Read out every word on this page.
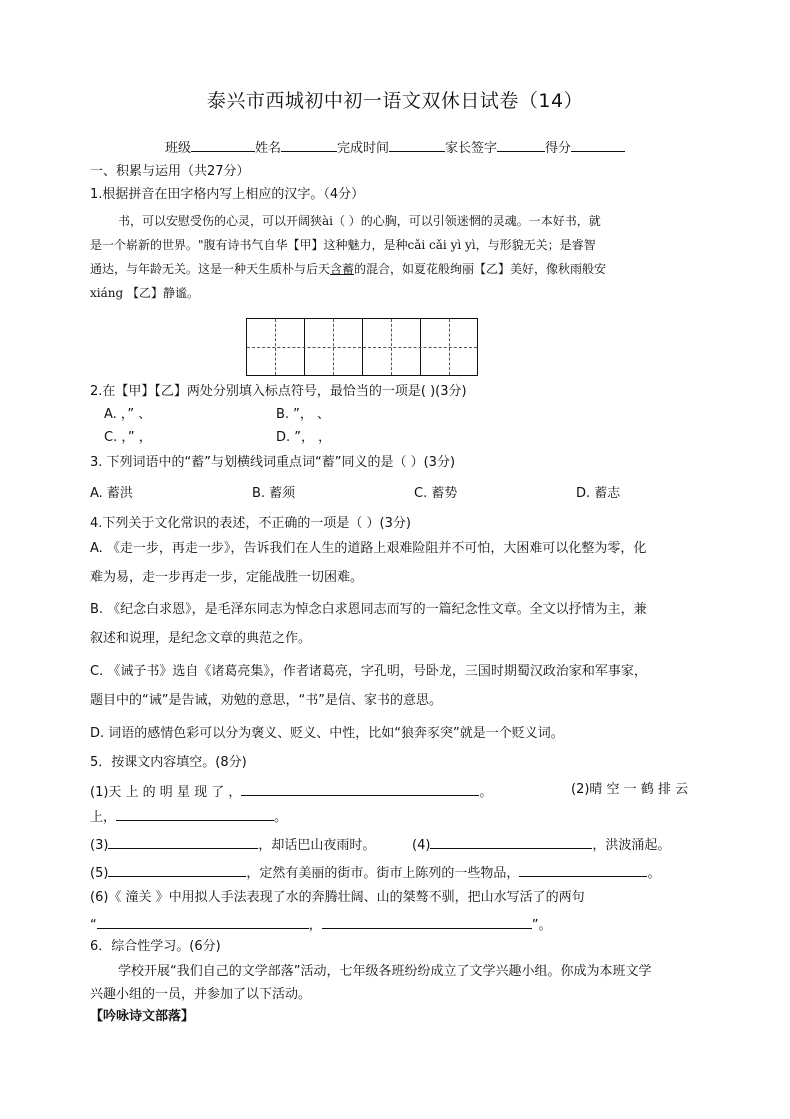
泰兴市西城初中初一语文双休日试卷（14）
班级	姓名	完成时间	家长签字	得分
一、积累与运用（共27分）
1.根据拼音在田字格内写上相应的汉字。（4分）
书，可以安慰受伤的心灵，可以开阔狭ài（ ）的心胸，可以引领迷惘的灵魂。一本好书，就
是一个崭新的世界。"腹有诗书气自华【甲】这种魅力，是种cǎi cǎi yì yì，与形貌无关；是睿智
通达，与年龄无关。这是一种天生质朴与后天含蓄的混合，如夏花般绚丽【乙】美好，像秋雨般安
xiáng 【乙】静谧。
2.在【甲】【乙】两处分别填入标点符号，最恰当的一项是( )(3分)
A. ，” 、	B. ”， 、
C. ，” ，	D. ”， ，
3. 下列词语中的“蓄”与划横线词重点词“蓄”同义的是（ ）(3分)
A. 蓄洪	B. 蓄须	C. 蓄势	D. 蓄志
4.下列关于文化常识的表述，不正确的一项是（ ）(3分)
A. 《走一步，再走一步》，告诉我们在人生的道路上艰难险阻并不可怕，大困难可以化整为零，化
难为易，走一步再走一步，定能战胜一切困难。
B. 《纪念白求恩》，是毛泽东同志为悼念白求恩同志而写的一篇纪念性文章。全文以抒情为主，兼
叙述和说理，是纪念文章的典范之作。
C. 《诫子书》选自《诸葛亮集》，作者诸葛亮，字孔明，号卧龙，三国时期蜀汉政治家和军事家，
题目中的“诫”是告诫，劝勉的意思，“书”是信、家书的意思。
D. 词语的感情色彩可以分为褒义、贬义、中性，比如“狼奔豕突”就是一个贬义词。
5．按课文内容填空。(8分)
(1)天 上 的 明 星 现 了 ，	。	(2)晴 空 一 鹤 排 云
上，	。
(3)	，却话巴山夜雨时。	(4)	，洪波涌起。
(5)	，定然有美丽的街市。街市上陈列的一些物品，	。
(6)《 潼关 》中用拟人手法表现了水的奔腾壮阔、山的桀骜不驯，把山水写活了的两句
“	，	”。
6．综合性学习。(6分)
学校开展“我们自己的文学部落”活动，七年级各班纷纷成立了文学兴趣小组。你成为本班文学
兴趣小组的一员，并参加了以下活动。
【吟咏诗文部落】
